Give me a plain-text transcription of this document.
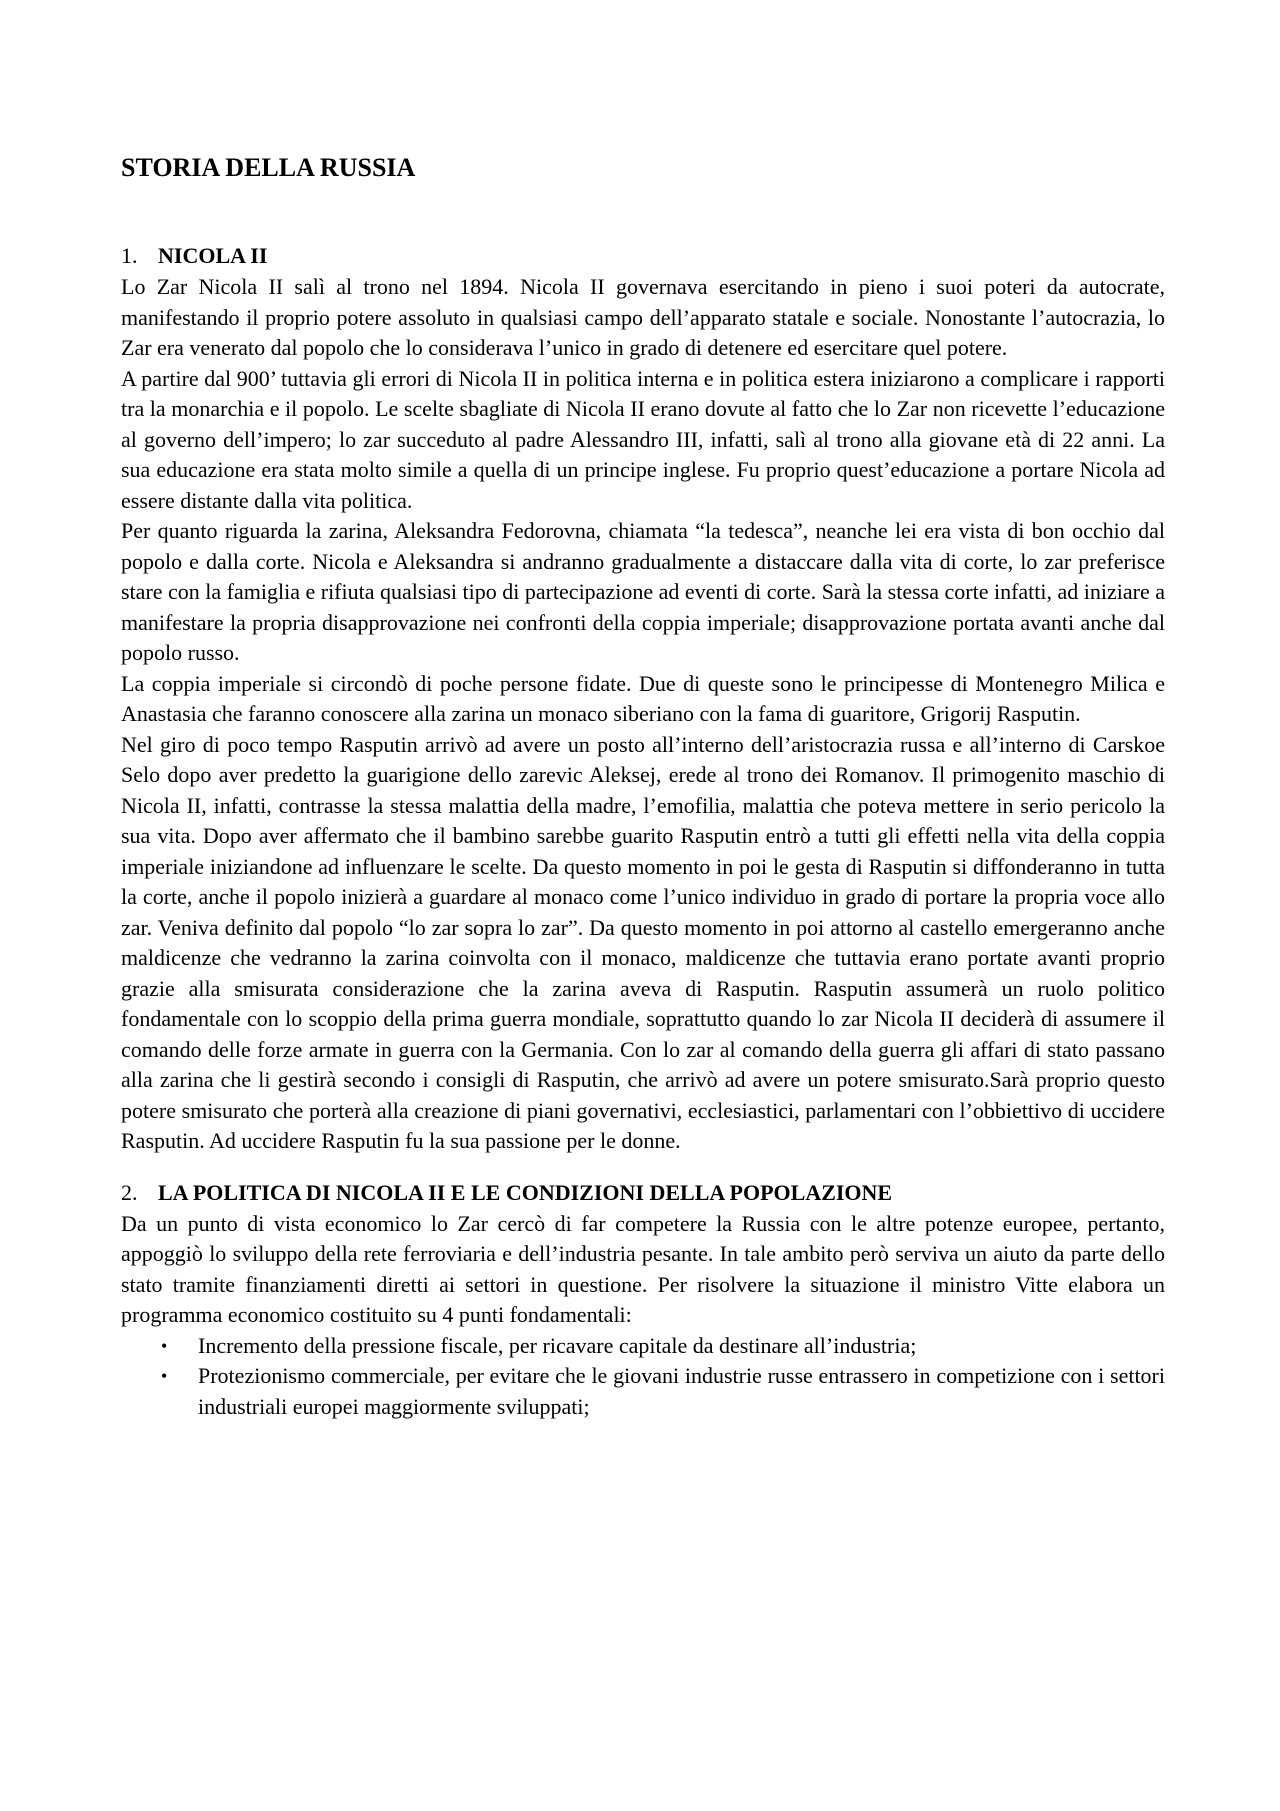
STORIA DELLA RUSSIA
1. NICOLA II

Lo Zar Nicola II salì al trono nel 1894. Nicola II governava esercitando in pieno i suoi poteri da autocrate, manifestando il proprio potere assoluto in qualsiasi campo dell’apparato statale e sociale. Nonostante l’autocrazia, lo Zar era venerato dal popolo che lo considerava l’unico in grado di detenere ed esercitare quel potere.

A partire dal 900’ tuttavia gli errori di Nicola II in politica interna e in politica estera iniziarono a complicare i rapporti tra la monarchia e il popolo. Le scelte sbagliate di Nicola II erano dovute al fatto che lo Zar non ricevette l’educazione al governo dell’impero; lo zar succeduto al padre Alessandro III, infatti, salì al trono alla giovane età di 22 anni. La sua educazione era stata molto simile a quella di un principe inglese. Fu proprio quest’educazione a portare Nicola ad essere distante dalla vita politica.

Per quanto riguarda la zarina, Aleksandra Fedorovna, chiamata “la tedesca”, neanche lei era vista di bon occhio dal popolo e dalla corte. Nicola e Aleksandra si andranno gradualmente a distaccare dalla vita di corte, lo zar preferisce stare con la famiglia e rifiuta qualsiasi tipo di partecipazione ad eventi di corte. Sarà la stessa corte infatti, ad iniziare a manifestare la propria disapprovazione nei confronti della coppia imperiale; disapprovazione portata avanti anche dal popolo russo.

La coppia imperiale si circondò di poche persone fidate. Due di queste sono le principesse di Montenegro Milica e Anastasia che faranno conoscere alla zarina un monaco siberiano con la fama di guaritore, Grigorij Rasputin.

Nel giro di poco tempo Rasputin arrivò ad avere un posto all’interno dell’aristocrazia russa e all’interno di Carskoe Selo dopo aver predetto la guarigione dello zarevic Aleksej, erede al trono dei Romanov. Il primogenito maschio di Nicola II, infatti, contrasse la stessa malattia della madre, l’emofilia, malattia che poteva mettere in serio pericolo la sua vita. Dopo aver affermato che il bambino sarebbe guarito Rasputin entrò a tutti gli effetti nella vita della coppia imperiale iniziandone ad influenzare le scelte. Da questo momento in poi le gesta di Rasputin si diffonderanno in tutta la corte, anche il popolo inizierà a guardare al monaco come l’unico individuo in grado di portare la propria voce allo zar. Veniva definito dal popolo “lo zar sopra lo zar”. Da questo momento in poi attorno al castello emergeranno anche maldicenze che vedranno la zarina coinvolta con il monaco, maldicenze che tuttavia erano portate avanti proprio grazie alla smisurata considerazione che la zarina aveva di Rasputin. Rasputin assumerà un ruolo politico fondamentale con lo scoppio della prima guerra mondiale, soprattutto quando lo zar Nicola II deciderà di assumere il comando delle forze armate in guerra con la Germania. Con lo zar al comando della guerra gli affari di stato passano alla zarina che li gestirà secondo i consigli di Rasputin, che arrivò ad avere un potere smisurato.Sarà proprio questo potere smisurato che porterà alla creazione di piani governativi, ecclesiastici, parlamentari con l’obbiettivo di uccidere Rasputin. Ad uccidere Rasputin fu la sua passione per le donne.

2. LA POLITICA DI NICOLA II E LE CONDIZIONI DELLA POPOLAZIONE

Da un punto di vista economico lo Zar cercò di far competere la Russia con le altre potenze europee, pertanto, appoggiò lo sviluppo della rete ferroviaria e dell’industria pesante. In tale ambito però serviva un aiuto da parte dello stato tramite finanziamenti diretti ai settori in questione. Per risolvere la situazione il ministro Vitte elabora un programma economico costituito su 4 punti fondamentali:

• Incremento della pressione fiscale, per ricavare capitale da destinare all’industria;
• Protezionismo commerciale, per evitare che le giovani industrie russe entrassero in competizione con i settori industriali europei maggiormente sviluppati;
